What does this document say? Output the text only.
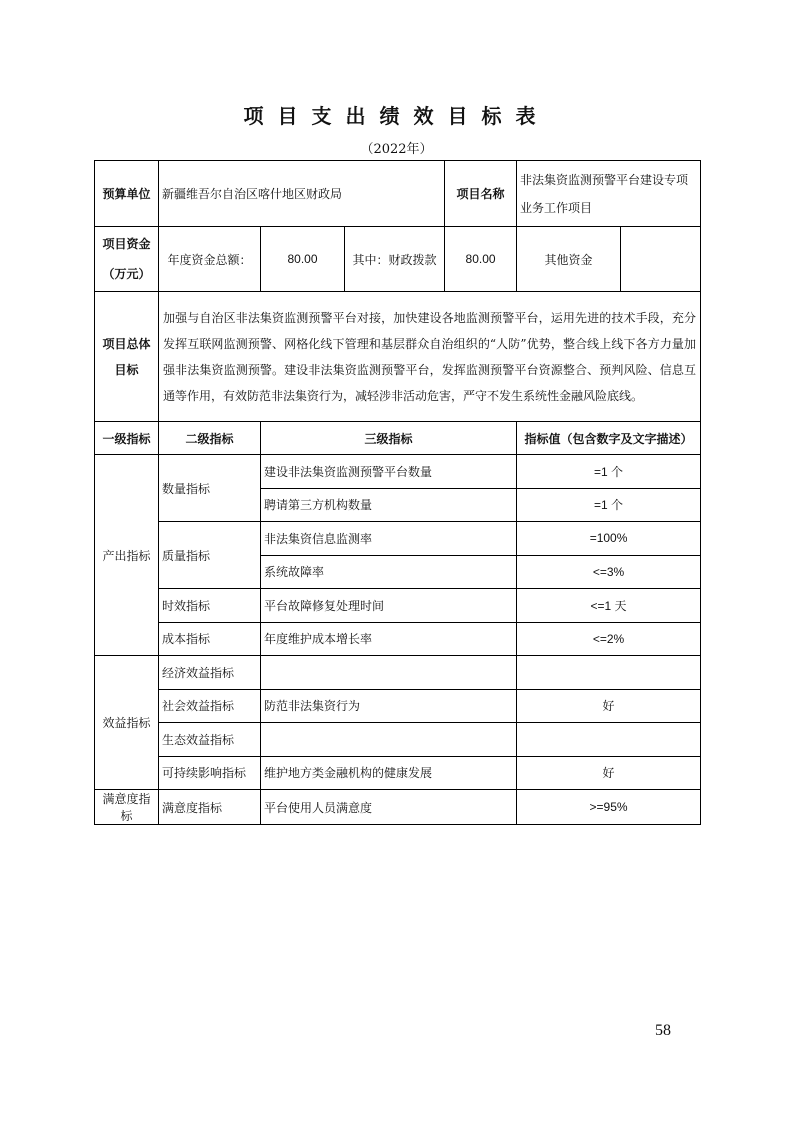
项目支出绩效目标表
（2022年）
预算单位	新疆维吾尔自治区喀什地区财政局			项目名称	非法集资监测预警平台建设专项业务工作项目	
项目资金（万元）	年度资金总额：	80.00	其中：财政拨款	80.00	其他资金	
项目总体目标	加强与自治区非法集资监测预警平台对接，加快建设各地监测预警平台，运用先进的技术手段，充分发挥互联网监测预警、网格化线下管理和基层群众自治组织的“人防”优势，整合线上线下各方力量加强非法集资监测预警。建设非法集资监测预警平台，发挥监测预警平台资源整合、预判风险、信息互通等作用，有效防范非法集资行为，减轻涉非活动危害，严守不发生系统性金融风险底线。					
一级指标	二级指标	三级指标			指标值（包含数字及文字描述）	
产出指标	数量指标	建设非法集资监测预警平台数量			=1 个	
		聘请第三方机构数量			=1 个	
	质量指标	非法集资信息监测率			=100%	
		系统故障率			<=3%	
	时效指标	平台故障修复处理时间			<=1 天	
	成本指标	年度维护成本增长率			<=2%	
效益指标	经济效益指标					
	社会效益指标	防范非法集资行为			好	
	生态效益指标					
	可持续影响指标	维护地方类金融机构的健康发展			好	
满意度指标	满意度指标	平台使用人员满意度			>=95%	
58
